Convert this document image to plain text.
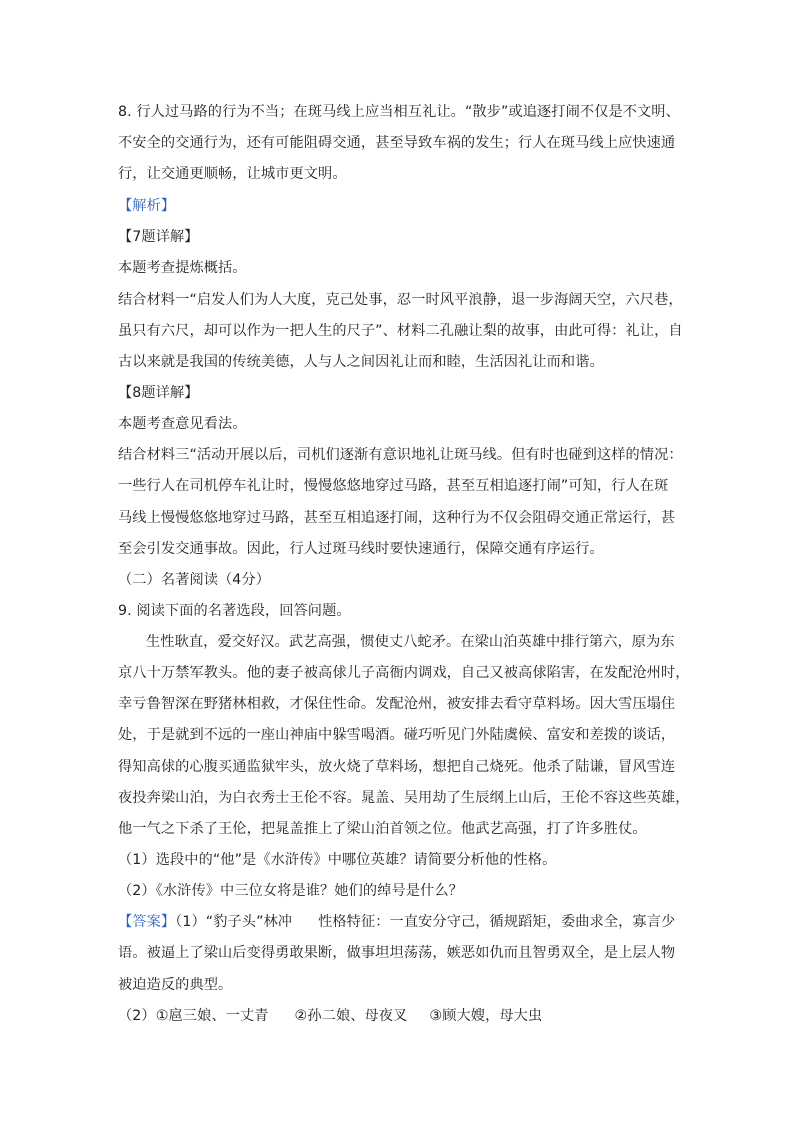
8. 行人过马路的行为不当；在斑马线上应当相互礼让。“散步”或追逐打闹不仅是不文明、
不安全的交通行为，还有可能阻碍交通，甚至导致车祸的发生；行人在斑马线上应快速通
行，让交通更顺畅，让城市更文明。
【解析】
【7题详解】
本题考查提炼概括。
结合材料一“启发人们为人大度，克己处事，忍一时风平浪静，退一步海阔天空，六尺巷，
虽只有六尺，却可以作为一把人生的尺子”、材料二孔融让梨的故事，由此可得：礼让，自
古以来就是我国的传统美德，人与人之间因礼让而和睦，生活因礼让而和谐。
【8题详解】
本题考查意见看法。
结合材料三“活动开展以后，司机们逐渐有意识地礼让斑马线。但有时也碰到这样的情况：
一些行人在司机停车礼让时，慢慢悠悠地穿过马路，甚至互相追逐打闹”可知，行人在斑
马线上慢慢悠悠地穿过马路，甚至互相追逐打闹，这种行为不仅会阻碍交通正常运行，甚
至会引发交通事故。因此，行人过斑马线时要快速通行，保障交通有序运行。
（二）名著阅读（4分）
9. 阅读下面的名著选段，回答问题。
生性耿直，爱交好汉。武艺高强，惯使丈八蛇矛。在梁山泊英雄中排行第六，原为东
京八十万禁军教头。他的妻子被高俅儿子高衙内调戏，自己又被高俅陷害，在发配沧州时，
幸亏鲁智深在野猪林相救，才保住性命。发配沧州，被安排去看守草料场。因大雪压塌住
处，于是就到不远的一座山神庙中躲雪喝酒。碰巧听见门外陆虞候、富安和差拨的谈话，
得知高俅的心腹买通监狱牢头，放火烧了草料场，想把自己烧死。他杀了陆谦，冒风雪连
夜投奔梁山泊，为白衣秀士王伦不容。晁盖、吴用劫了生辰纲上山后，王伦不容这些英雄，
他一气之下杀了王伦，把晁盖推上了梁山泊首领之位。他武艺高强，打了许多胜仗。
（1）选段中的“他”是《水浒传》中哪位英雄？请简要分析他的性格。
（2）《水浒传》中三位女将是谁？她们的绰号是什么？
【答案】（1）“豹子头”林冲 性格特征：一直安分守己，循规蹈矩，委曲求全，寡言少
语。被逼上了梁山后变得勇敢果断，做事坦坦荡荡，嫉恶如仇而且智勇双全，是上层人物
被迫造反的典型。
（2）①扈三娘、一丈青 ②孙二娘、母夜叉 ③顾大嫂，母大虫
